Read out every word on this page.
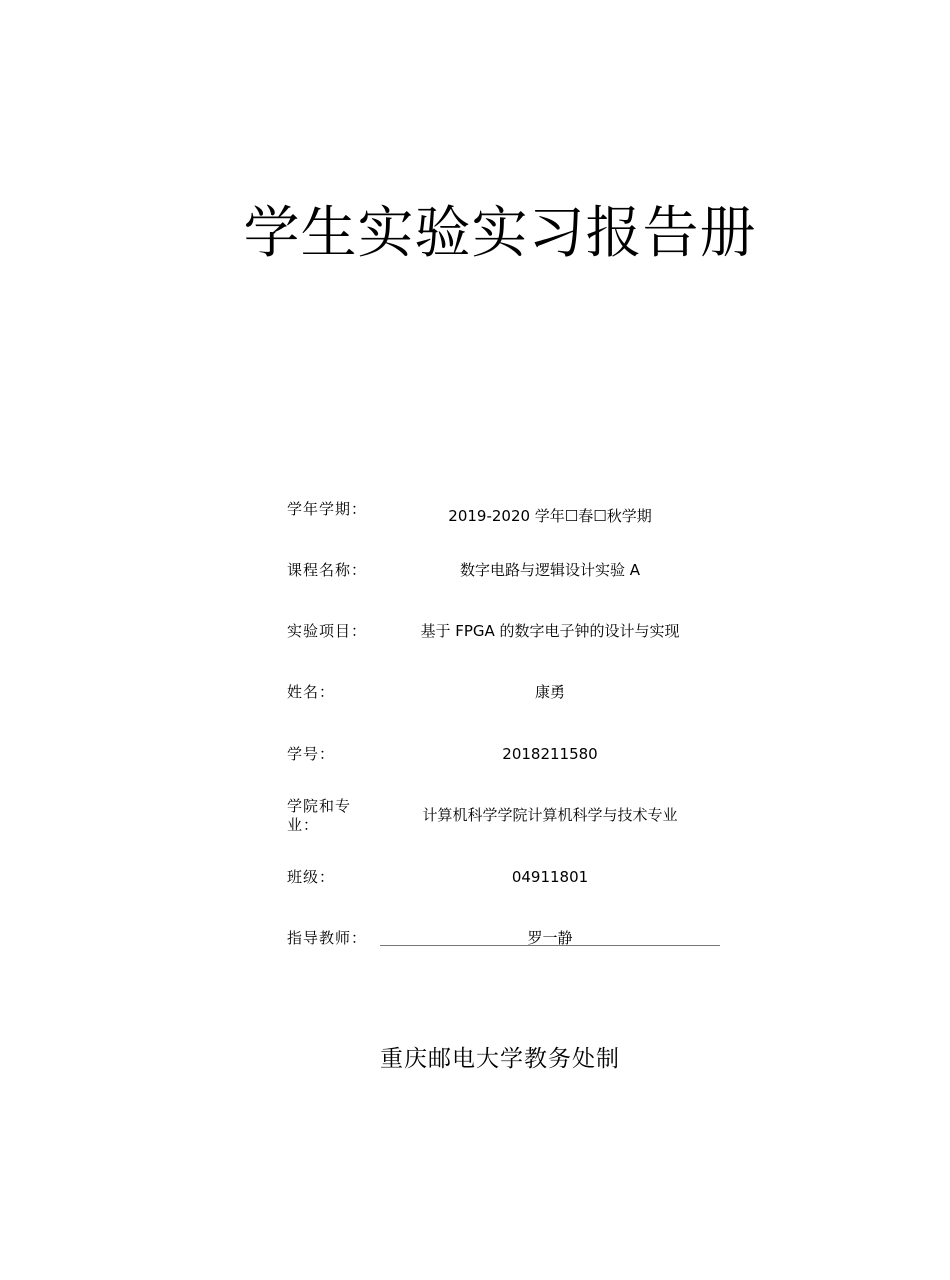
学生实验实习报告册
学年学期：	2019-2020 学年☐春☐秋学期
课程名称：	数字电路与逻辑设计实验 A
实验项目：	基于 FPGA 的数字电子钟的设计与实现
姓名：	康勇
学号：	2018211580
学院和专业：
计算机科学学院计算机科学与技术专业
班级：	04911801
指导教师：	罗一静
重庆邮电大学教务处制
